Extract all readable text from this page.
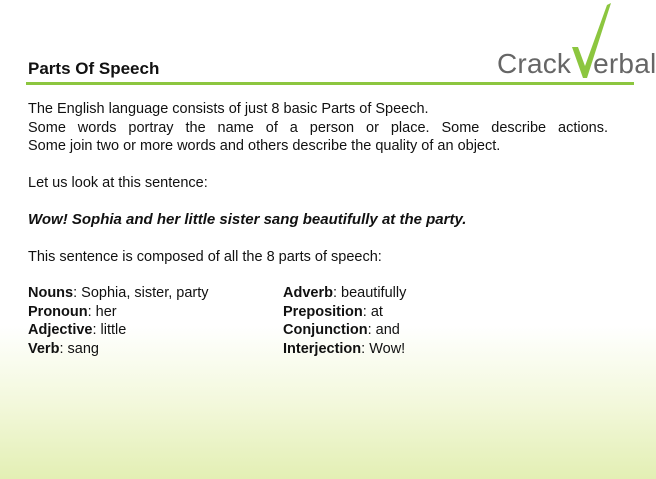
Crack erbal
Parts Of Speech
The English language consists of just 8 basic Parts of Speech.
Some words portray the name of a person or place. Some describe actions.
Some join two or more words and others describe the quality of an object.
Let us look at this sentence:
Wow! Sophia and her little sister sang beautifully at the party.
This sentence is composed of all the 8 parts of speech:
Nouns: Sophia, sister, party	Adverb: beautifully
Pronoun: her	Preposition: at
Adjective: little	Conjunction: and
Verb: sang	Interjection: Wow!
